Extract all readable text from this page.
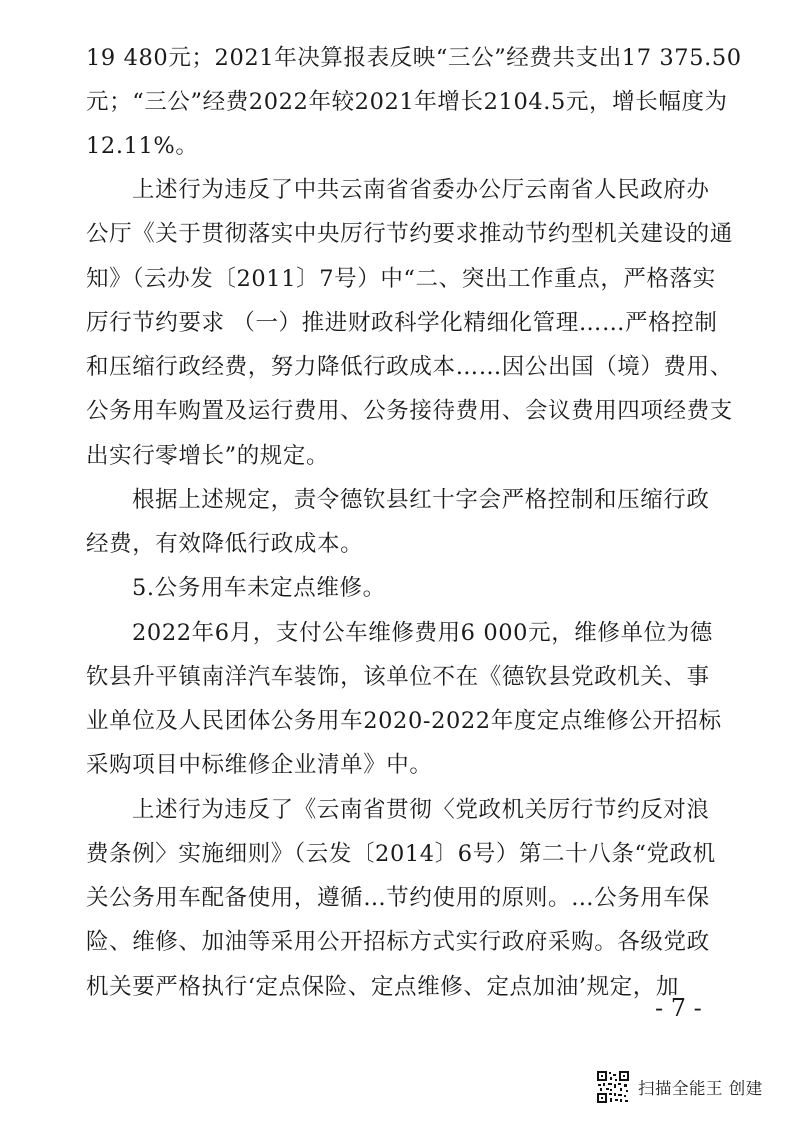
19 480元；2021年决算报表反映“三公”经费共支出17 375.50
元；“三公”经费2022年较2021年增长2104.5元，增长幅度为
12.11%。
上述行为违反了中共云南省省委办公厅云南省人民政府办
公厅《关于贯彻落实中央厉行节约要求推动节约型机关建设的通
知》（云办发〔2011〕7号）中“二、突出工作重点，严格落实
厉行节约要求 （一）推进财政科学化精细化管理……严格控制
和压缩行政经费，努力降低行政成本……因公出国（境）费用、
公务用车购置及运行费用、公务接待费用、会议费用四项经费支
出实行零增长”的规定。
根据上述规定，责令德钦县红十字会严格控制和压缩行政
经费，有效降低行政成本。
5.公务用车未定点维修。
2022年6月，支付公车维修费用6 000元，维修单位为德
钦县升平镇南洋汽车装饰，该单位不在《德钦县党政机关、事
业单位及人民团体公务用车2020-2022年度定点维修公开招标
采购项目中标维修企业清单》中。
上述行为违反了《云南省贯彻〈党政机关厉行节约反对浪
费条例〉实施细则》（云发〔2014〕6号）第二十八条“党政机
关公务用车配备使用，遵循…节约使用的原则。…公务用车保
险、维修、加油等采用公开招标方式实行政府采购。各级党政
机关要严格执行‘定点保险、定点维修、定点加油’规定，加
- 7 -
扫描全能王 创建
